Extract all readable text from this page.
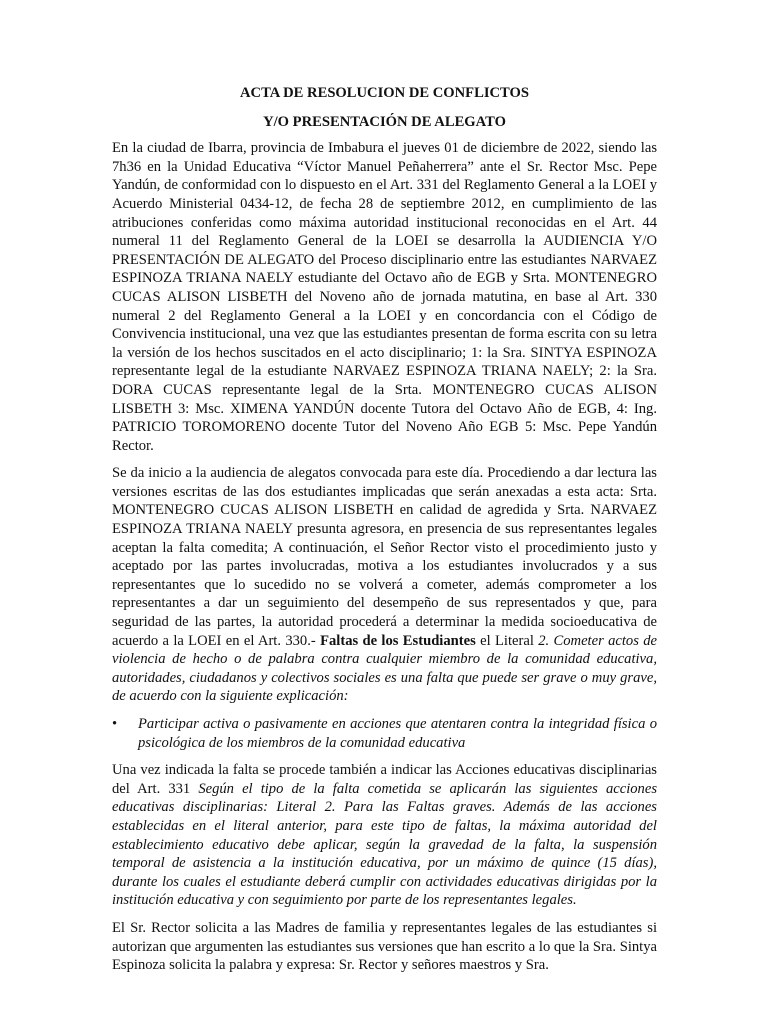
ACTA DE RESOLUCION DE CONFLICTOS
Y/O PRESENTACIÓN DE ALEGATO

En la ciudad de Ibarra, provincia de Imbabura el jueves 01 de diciembre de 2022, siendo las 7h36 en la Unidad Educativa “Víctor Manuel Peñaherrera” ante el Sr. Rector Msc. Pepe Yandún, de conformidad con lo dispuesto en el Art. 331 del Reglamento General a la LOEI y Acuerdo Ministerial 0434-12, de fecha 28 de septiembre 2012, en cumplimiento de las atribuciones conferidas como máxima autoridad institucional reconocidas en el Art. 44 numeral 11 del Reglamento General de la LOEI se desarrolla la AUDIENCIA Y/O PRESENTACIÓN DE ALEGATO del Proceso disciplinario entre las estudiantes NARVAEZ ESPINOZA TRIANA NAELY estudiante del Octavo año de EGB y Srta. MONTENEGRO CUCAS ALISON LISBETH del Noveno año de jornada matutina, en base al Art. 330 numeral 2 del Reglamento General a la LOEI y en concordancia con el Código de Convivencia institucional, una vez que las estudiantes presentan de forma escrita con su letra la versión de los hechos suscitados en el acto disciplinario; 1: la Sra. SINTYA ESPINOZA representante legal de la estudiante NARVAEZ ESPINOZA TRIANA NAELY; 2: la Sra. DORA CUCAS representante legal de la Srta. MONTENEGRO CUCAS ALISON LISBETH 3: Msc. XIMENA YANDÚN docente Tutora del Octavo Año de EGB, 4: Ing. PATRICIO TOROMORENO docente Tutor del Noveno Año EGB 5: Msc. Pepe Yandún Rector.

Se da inicio a la audiencia de alegatos convocada para este día. Procediendo a dar lectura las versiones escritas de las dos estudiantes implicadas que serán anexadas a esta acta: Srta. MONTENEGRO CUCAS ALISON LISBETH en calidad de agredida y Srta. NARVAEZ ESPINOZA TRIANA NAELY presunta agresora, en presencia de sus representantes legales aceptan la falta comedita; A continuación, el Señor Rector visto el procedimiento justo y aceptado por las partes involucradas, motiva a los estudiantes involucrados y a sus representantes que lo sucedido no se volverá a cometer, además comprometer a los representantes a dar un seguimiento del desempeño de sus representados y que, para seguridad de las partes, la autoridad procederá a determinar la medida socioeducativa de acuerdo a la LOEI en el Art. 330.- Faltas de los Estudiantes el Literal 2. Cometer actos de violencia de hecho o de palabra contra cualquier miembro de la comunidad educativa, autoridades, ciudadanos y colectivos sociales es una falta que puede ser grave o muy grave, de acuerdo con la siguiente explicación:

• Participar activa o pasivamente en acciones que atentaren contra la integridad física o psicológica de los miembros de la comunidad educativa

Una vez indicada la falta se procede también a indicar las Acciones educativas disciplinarias del Art. 331 Según el tipo de la falta cometida se aplicarán las siguientes acciones educativas disciplinarias: Literal 2. Para las Faltas graves. Además de las acciones establecidas en el literal anterior, para este tipo de faltas, la máxima autoridad del establecimiento educativo debe aplicar, según la gravedad de la falta, la suspensión temporal de asistencia a la institución educativa, por un máximo de quince (15 días), durante los cuales el estudiante deberá cumplir con actividades educativas dirigidas por la institución educativa y con seguimiento por parte de los representantes legales.

El Sr. Rector solicita a las Madres de familia y representantes legales de las estudiantes si autorizan que argumenten las estudiantes sus versiones que han escrito a lo que la Sra. Sintya Espinoza solicita la palabra y expresa: Sr. Rector y señores maestros y Sra.
